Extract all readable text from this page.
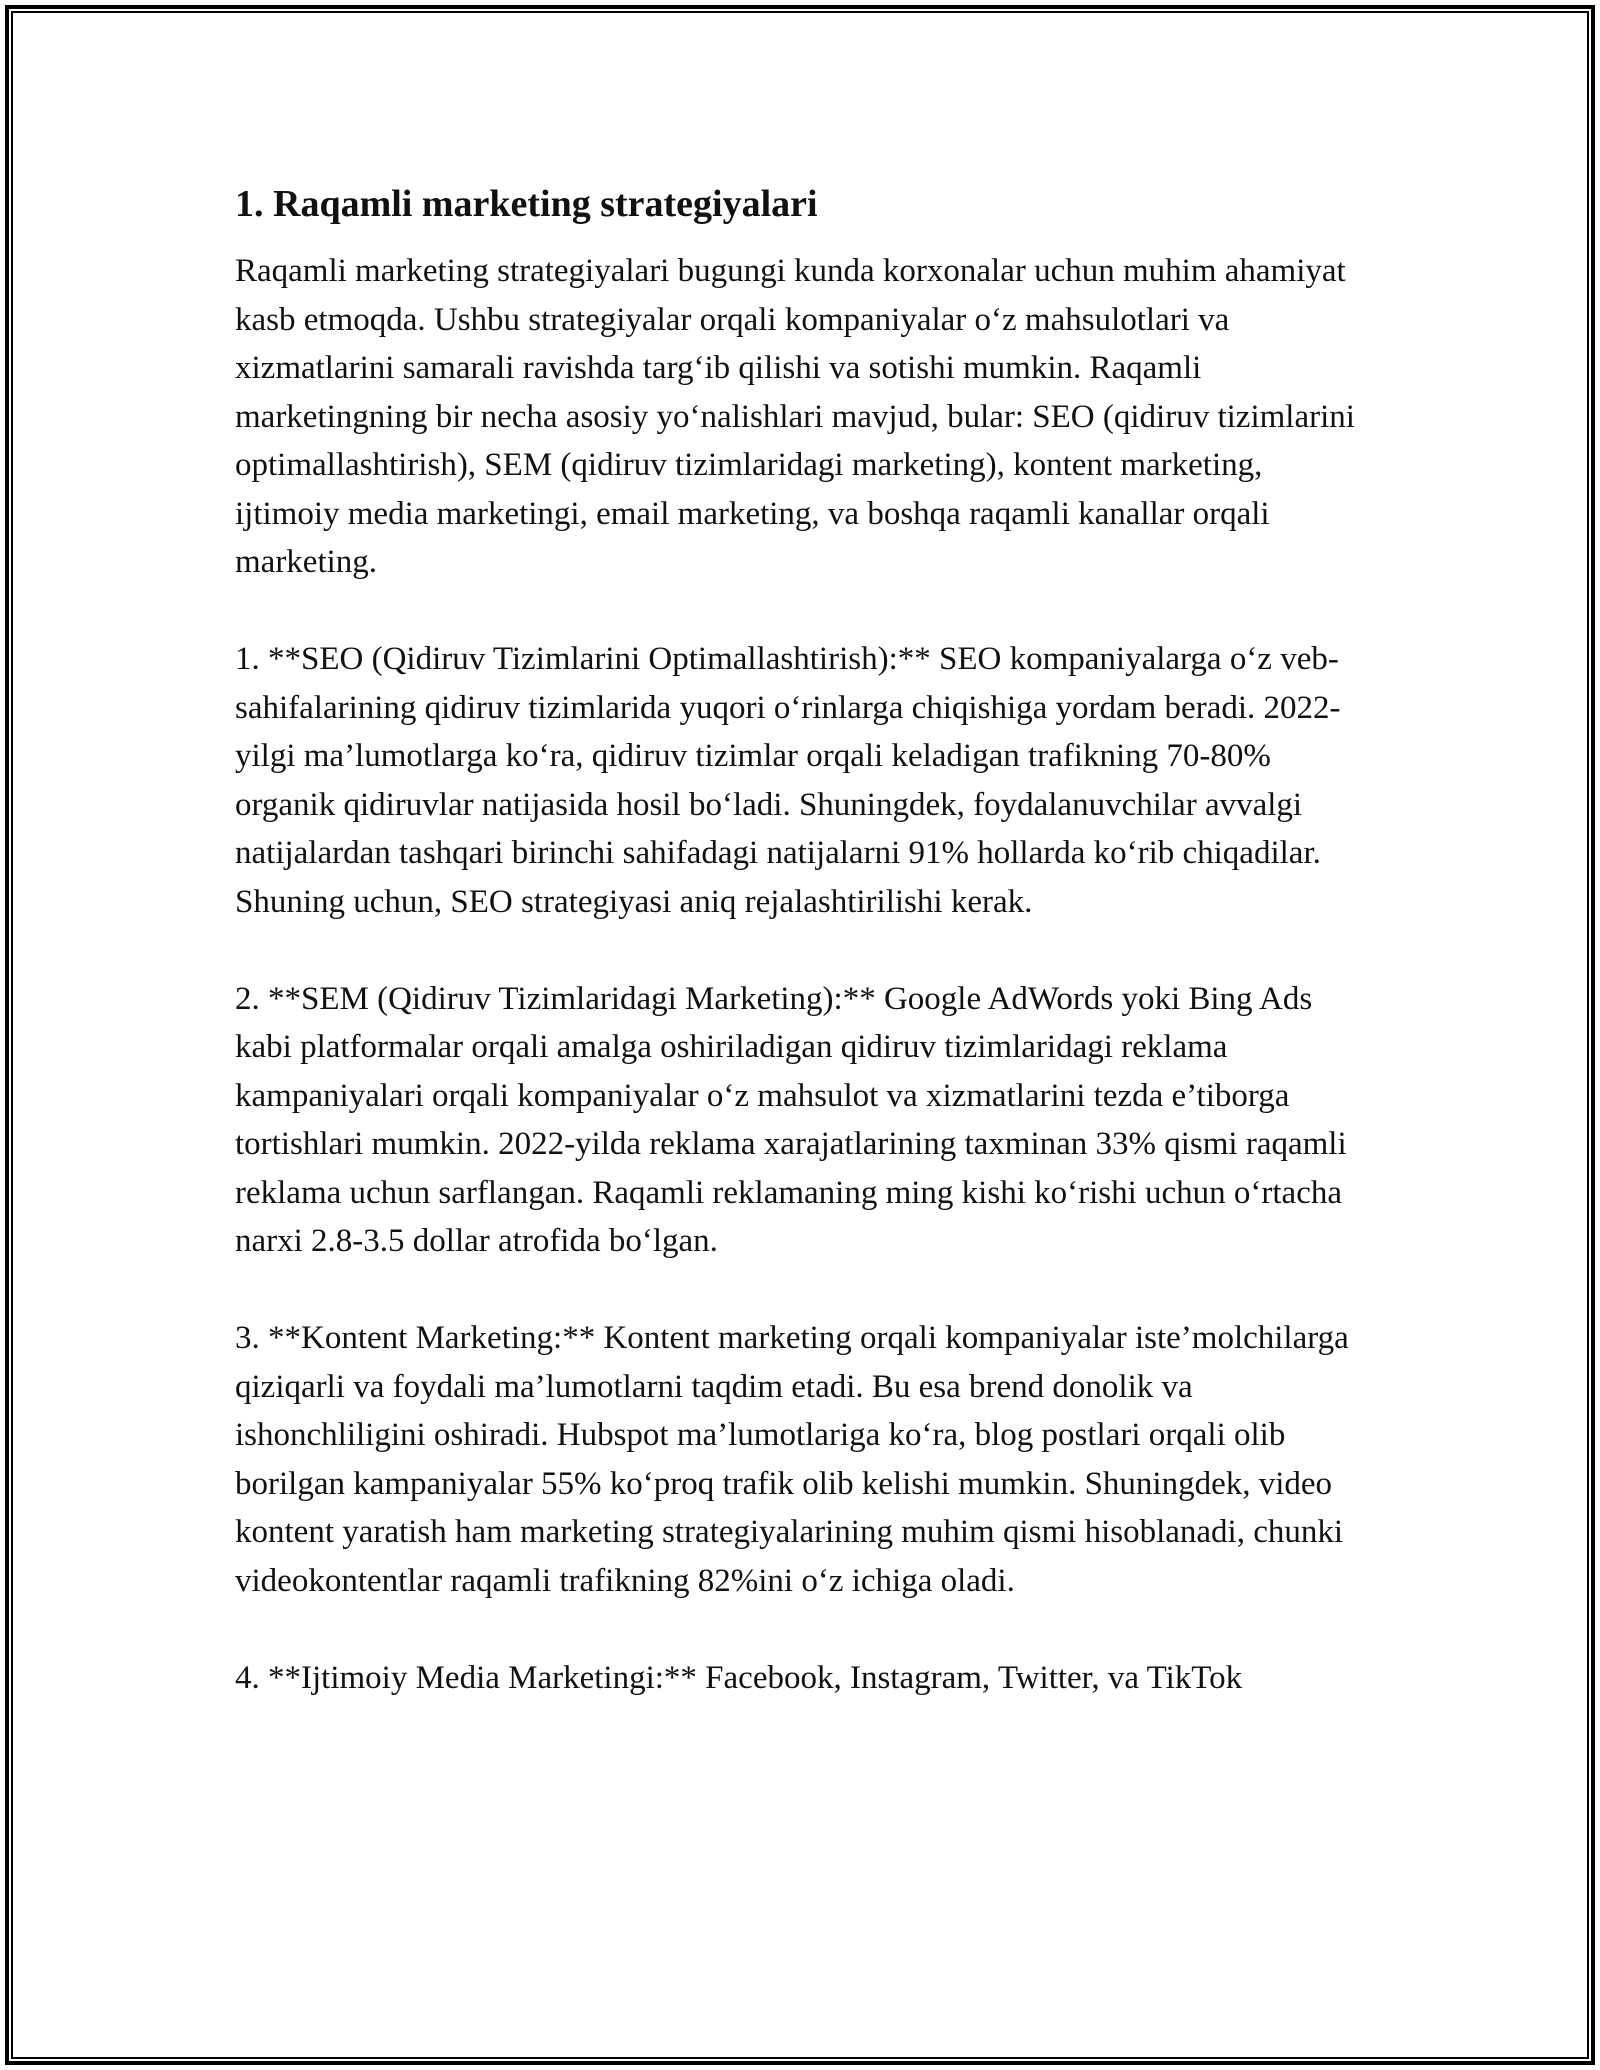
1. Raqamli marketing strategiyalari

Raqamli marketing strategiyalari bugungi kunda korxonalar uchun muhim ahamiyat kasb etmoqda. Ushbu strategiyalar orqali kompaniyalar o‘z mahsulotlari va xizmatlarini samarali ravishda targ‘ib qilishi va sotishi mumkin. Raqamli marketingning bir necha asosiy yo‘nalishlari mavjud, bular: SEO (qidiruv tizimlarini optimallashtirish), SEM (qidiruv tizimlaridagi marketing), kontent marketing, ijtimoiy media marketingi, email marketing, va boshqa raqamli kanallar orqali marketing.

1. **SEO (Qidiruv Tizimlarini Optimallashtirish):** SEO kompaniyalarga o‘z veb-sahifalarining qidiruv tizimlarida yuqori o‘rinlarga chiqishiga yordam beradi. 2022-yilgi ma’lumotlarga ko‘ra, qidiruv tizimlar orqali keladigan trafikning 70-80% organik qidiruvlar natijasida hosil bo‘ladi. Shuningdek, foydalanuvchilar avvalgi natijalardan tashqari birinchi sahifadagi natijalarni 91% hollarda ko‘rib chiqadilar. Shuning uchun, SEO strategiyasi aniq rejalashtirilishi kerak.

2. **SEM (Qidiruv Tizimlaridagi Marketing):** Google AdWords yoki Bing Ads kabi platformalar orqali amalga oshiriladigan qidiruv tizimlaridagi reklama kampaniyalari orqali kompaniyalar o‘z mahsulot va xizmatlarini tezda e’tiborga tortishlari mumkin. 2022-yilda reklama xarajatlarining taxminan 33% qismi raqamli reklama uchun sarflangan. Raqamli reklamaning ming kishi ko‘rishi uchun o‘rtacha narxi 2.8-3.5 dollar atrofida bo‘lgan.

3. **Kontent Marketing:** Kontent marketing orqali kompaniyalar iste’molchilarga qiziqarli va foydali ma’lumotlarni taqdim etadi. Bu esa brend donolik va ishonchliligini oshiradi. Hubspot ma’lumotlariga ko‘ra, blog postlari orqali olib borilgan kampaniyalar 55% ko‘proq trafik olib kelishi mumkin. Shuningdek, video kontent yaratish ham marketing strategiyalarining muhim qismi hisoblanadi, chunki videokontentlar raqamli trafikning 82%ini o‘z ichiga oladi.

4. **Ijtimoiy Media Marketingi:** Facebook, Instagram, Twitter, va TikTok
